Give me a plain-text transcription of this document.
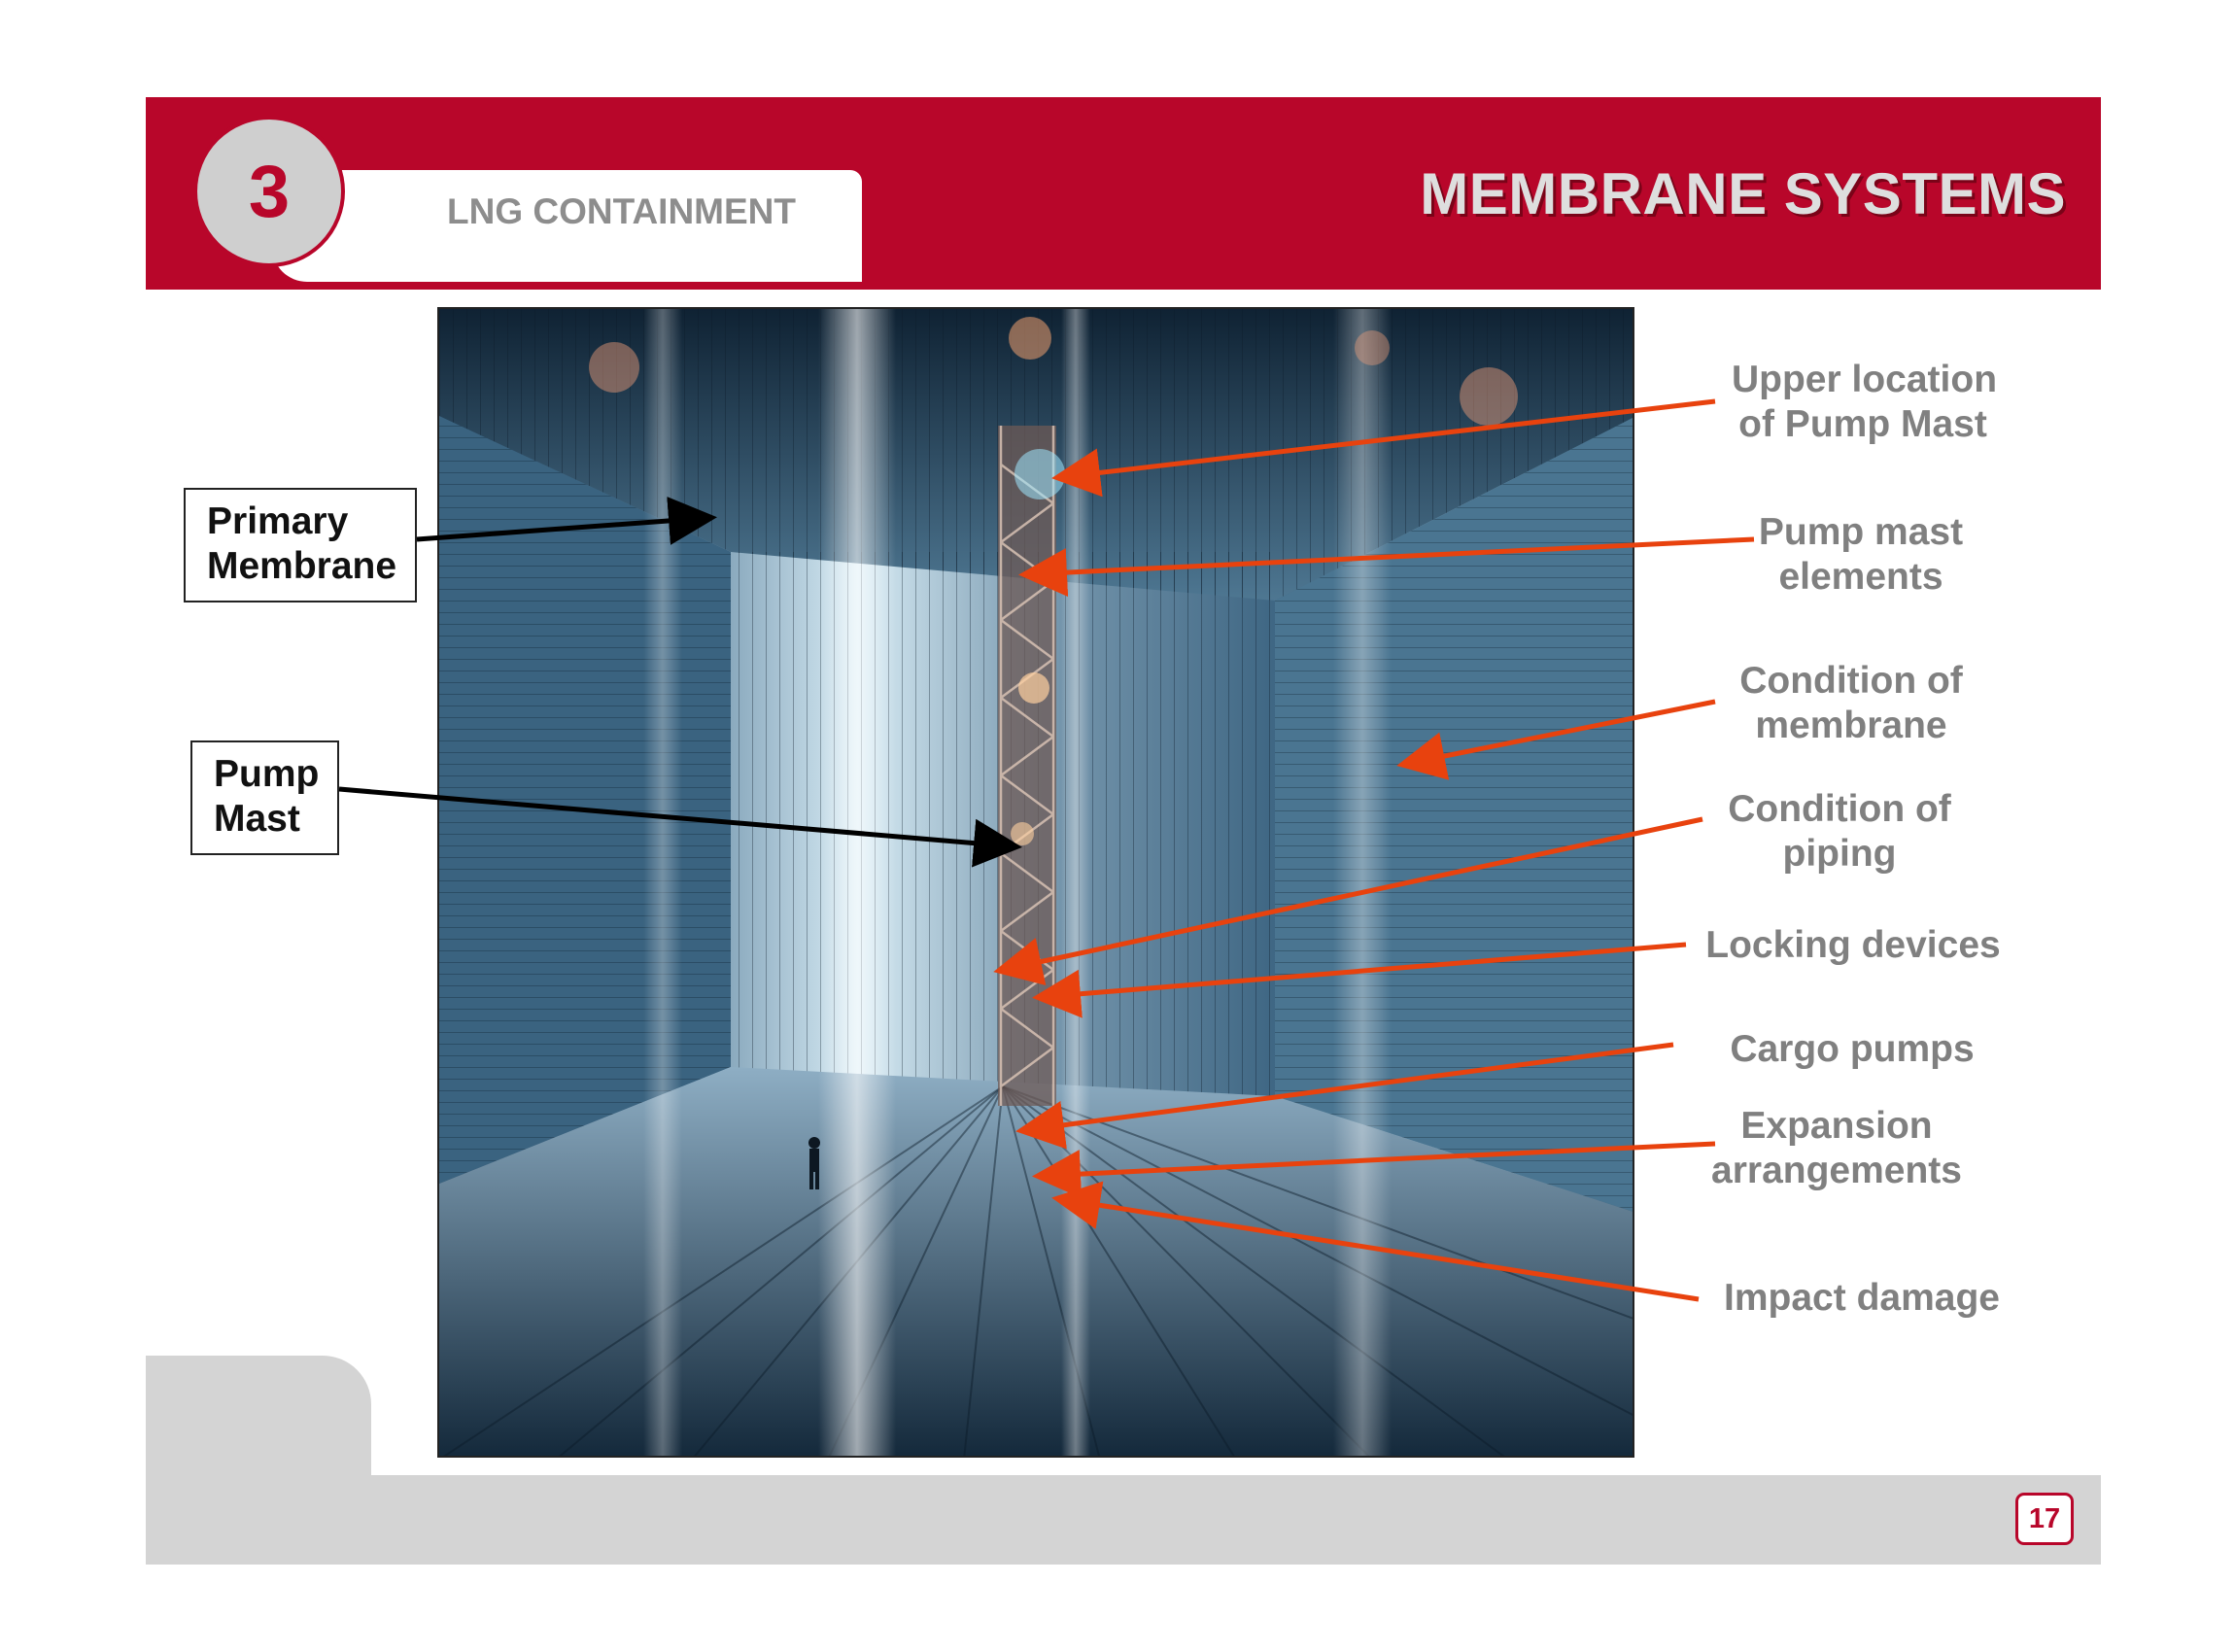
LNG CONTAINMENT
3	MEMBRANE SYSTEMS
17
Primary
Membrane
Pump
Mast
Upper location
of Pump Mast
Pump mast
elements
Condition of
membrane
Condition of
piping
Locking devices
Cargo pumps
Expansion
arrangements
Impact damage
